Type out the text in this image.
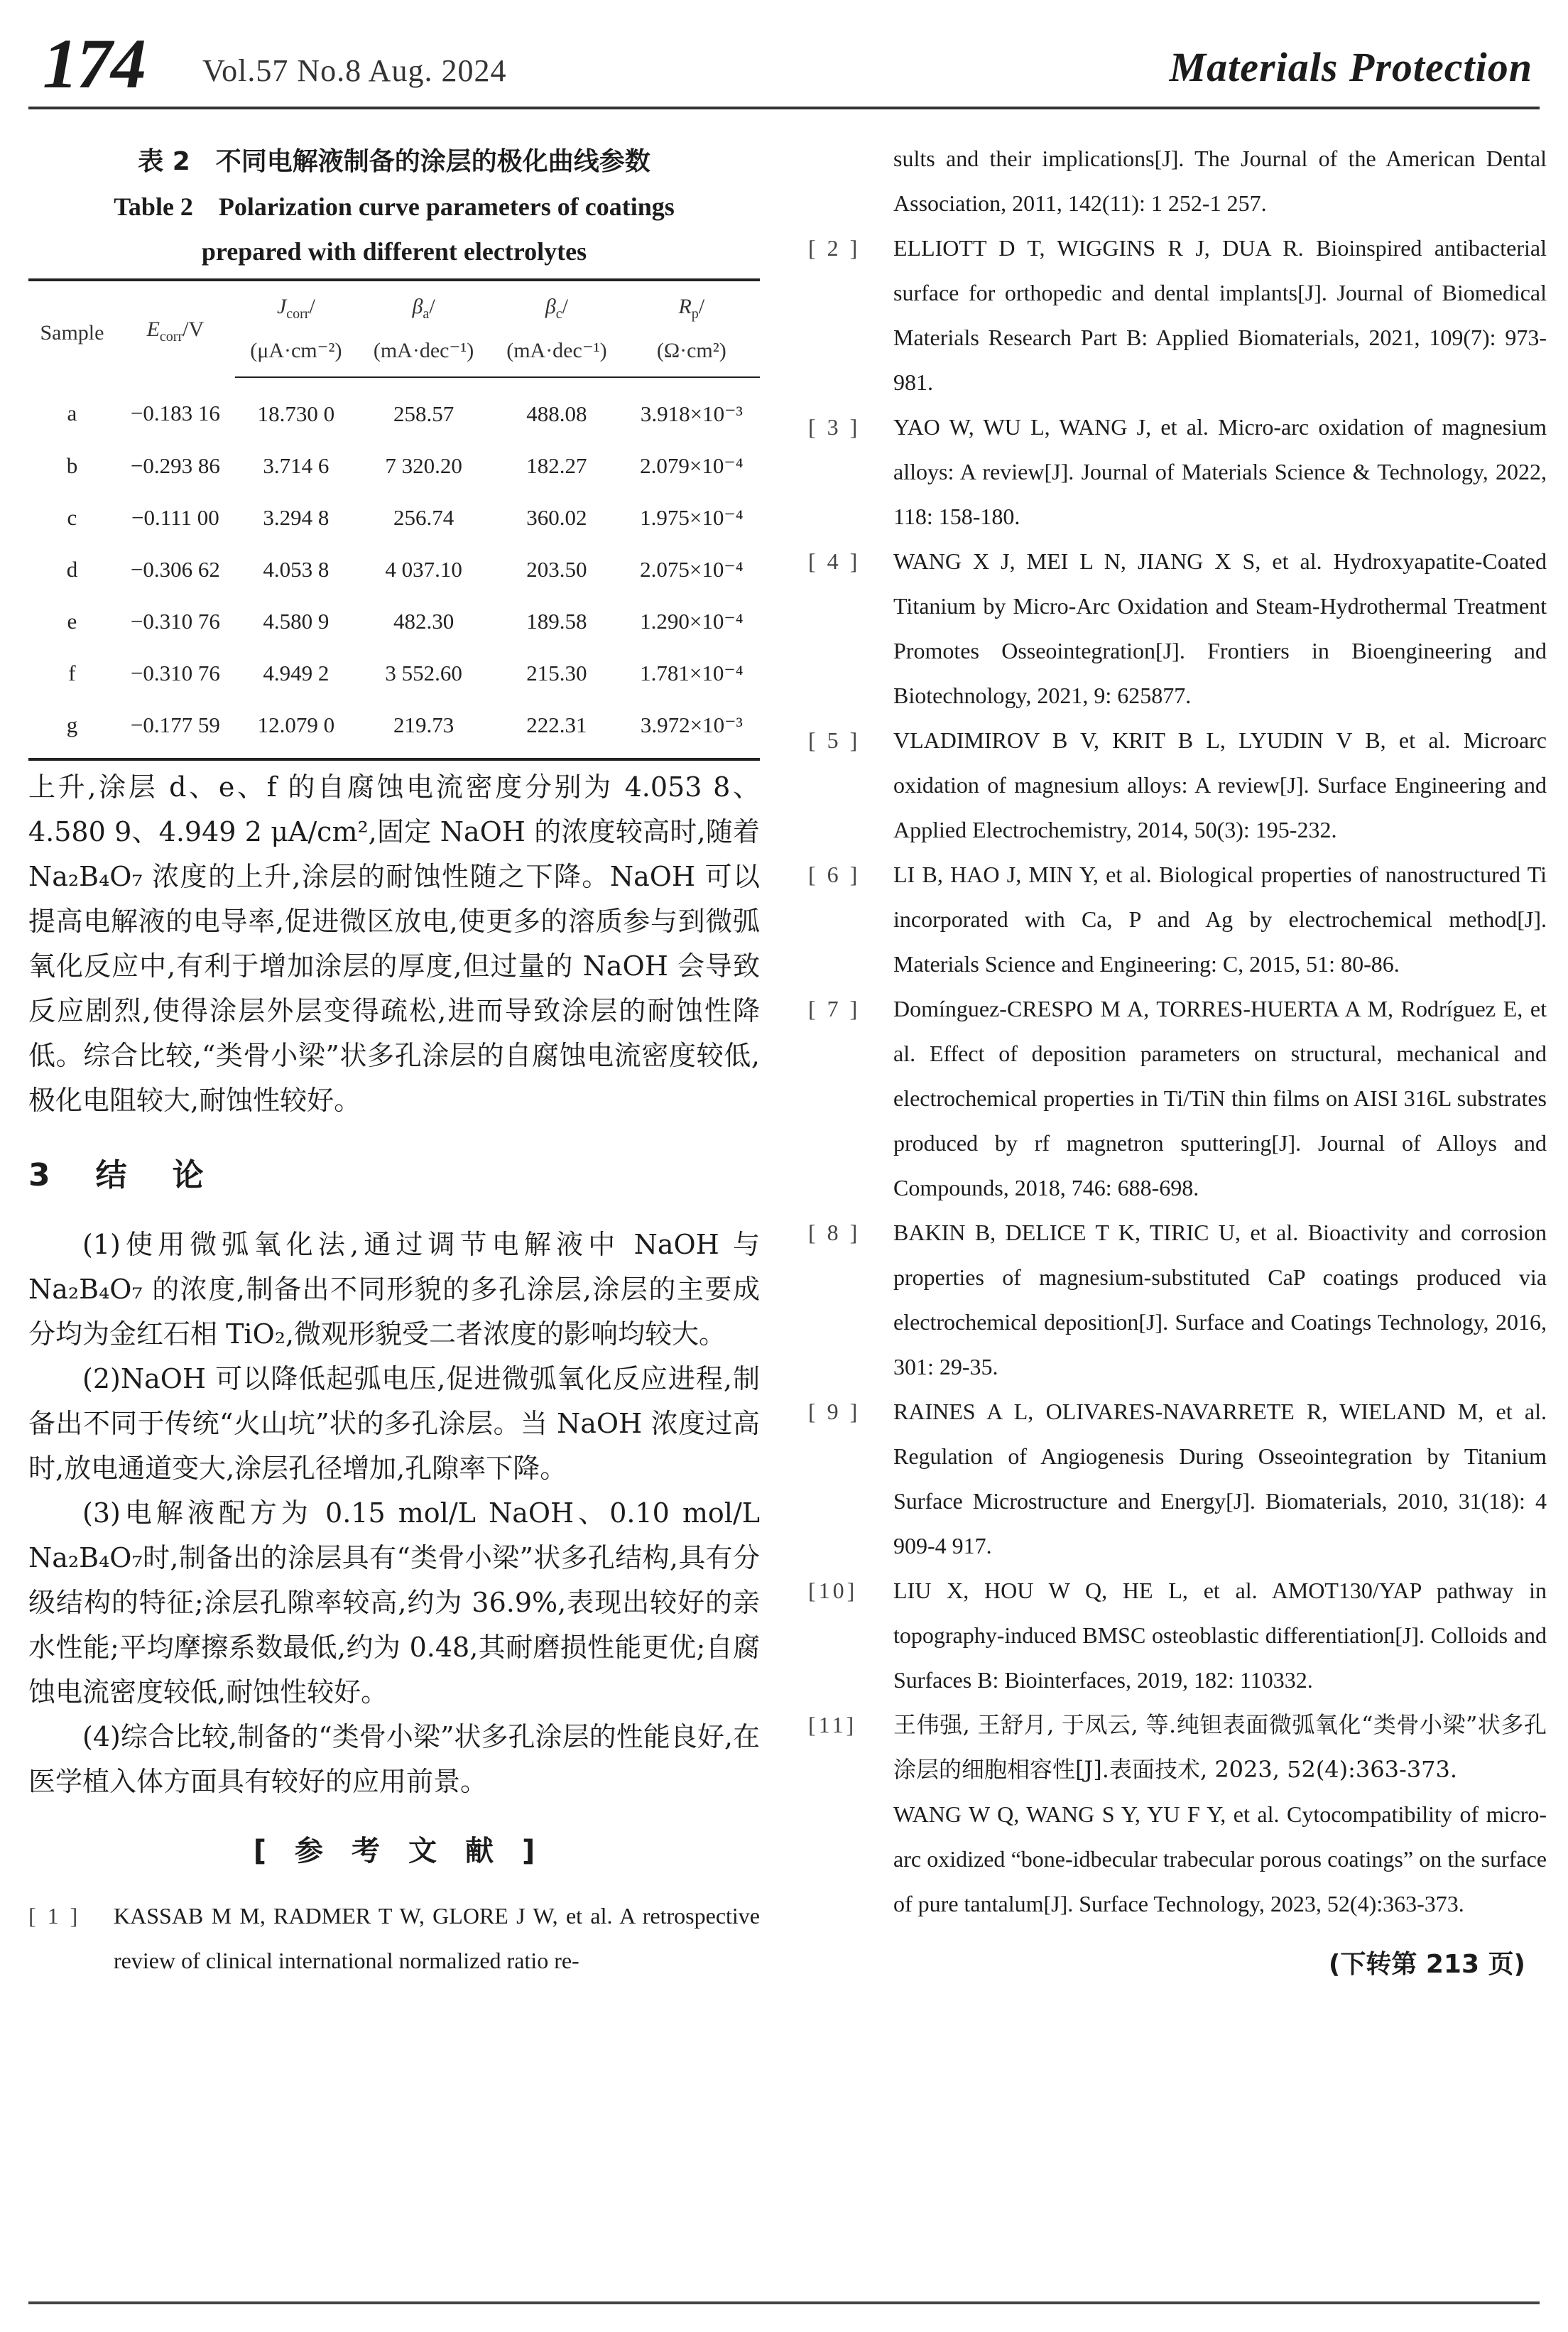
174 Vol.57 No.8 Aug. 2024	Materials Protection
表 2　不同电解液制备的涂层的极化曲线参数
Table 2　Polarization curve parameters of coatings
prepared with different electrolytes
Sample	$E_{corr}/V$	$J_{corr}/$	$\beta_a/$	$\beta_c/$	$R_p/$
		(μA·cm⁻²)	(mA·dec⁻¹)	(mA·dec⁻¹)	(Ω·cm²)
a	−0.183 16	18.730 0	258.57	488.08	3.918×10⁻³
b	−0.293 86	3.714 6	7 320.20	182.27	2.079×10⁻⁴
c	−0.111 00	3.294 8	256.74	360.02	1.975×10⁻⁴
d	−0.306 62	4.053 8	4 037.10	203.50	2.075×10⁻⁴
e	−0.310 76	4.580 9	482.30	189.58	1.290×10⁻⁴
f	−0.310 76	4.949 2	3 552.60	215.30	1.781×10⁻⁴
g	−0.177 59	12.079 0	219.73	222.31	3.972×10⁻³

上升,涂层 d、e、f 的自腐蚀电流密度分别为 4.053 8、4.580 9、4.949 2 μA/cm²,固定 NaOH 的浓度较高时,随着 Na₂B₄O₇ 浓度的上升,涂层的耐蚀性随之下降。NaOH 可以提高电解液的电导率,促进微区放电,使更多的溶质参与到微弧氧化反应中,有利于增加涂层的厚度,但过量的 NaOH 会导致反应剧烈,使得涂层外层变得疏松,进而导致涂层的耐蚀性降低。综合比较,“类骨小梁”状多孔涂层的自腐蚀电流密度较低,极化电阻较大,耐蚀性较好。

3　结　论

(1)使用微弧氧化法,通过调节电解液中 NaOH 与 Na₂B₄O₇ 的浓度,制备出不同形貌的多孔涂层,涂层的主要成分均为金红石相 TiO₂,微观形貌受二者浓度的影响均较大。

(2)NaOH 可以降低起弧电压,促进微弧氧化反应进程,制备出不同于传统“火山坑”状的多孔涂层。当 NaOH 浓度过高时,放电通道变大,涂层孔径增加,孔隙率下降。

(3)电解液配方为 0.15 mol/L NaOH、0.10 mol/L Na₂B₄O₇时,制备出的涂层具有“类骨小梁”状多孔结构,具有分级结构的特征;涂层孔隙率较高,约为 36.9%,表现出较好的亲水性能;平均摩擦系数最低,约为 0.48,其耐磨损性能更优;自腐蚀电流密度较低,耐蚀性较好。

(4)综合比较,制备的“类骨小梁”状多孔涂层的性能良好,在医学植入体方面具有较好的应用前景。

[　参　考　文　献　]

[ 1 ]	KASSAB M M, RADMER T W, GLORE J W, et al. A retrospective review of clinical international normalized ratio re-

sults and their implications[J]. The Journal of the American Dental Association, 2011, 142(11): 1 252-1 257.

[ 2 ]	ELLIOTT D T, WIGGINS R J, DUA R. Bioinspired antibacterial surface for orthopedic and dental implants[J]. Journal of Biomedical Materials Research Part B: Applied Biomaterials, 2021, 109(7): 973-981.

[ 3 ]	YAO W, WU L, WANG J, et al. Micro-arc oxidation of magnesium alloys: A review[J]. Journal of Materials Science & Technology, 2022, 118: 158-180.

[ 4 ]	WANG X J, MEI L N, JIANG X S, et al. Hydroxyapatite-Coated Titanium by Micro-Arc Oxidation and Steam-Hydrothermal Treatment Promotes Osseointegration[J]. Frontiers in Bioengineering and Biotechnology, 2021, 9: 625877.

[ 5 ]	VLADIMIROV B V, KRIT B L, LYUDIN V B, et al. Microarc oxidation of magnesium alloys: A review[J]. Surface Engineering and Applied Electrochemistry, 2014, 50(3): 195-232.

[ 6 ]	LI B, HAO J, MIN Y, et al. Biological properties of nanostructured Ti incorporated with Ca, P and Ag by electrochemical method[J]. Materials Science and Engineering: C, 2015, 51: 80-86.

[ 7 ]	Domínguez-CRESPO M A, TORRES-HUERTA A M, Rodríguez E, et al. Effect of deposition parameters on structural, mechanical and electrochemical properties in Ti/TiN thin films on AISI 316L substrates produced by rf magnetron sputtering[J]. Journal of Alloys and Compounds, 2018, 746: 688-698.

[ 8 ]	BAKIN B, DELICE T K, TIRIC U, et al. Bioactivity and corrosion properties of magnesium-substituted CaP coatings produced via electrochemical deposition[J]. Surface and Coatings Technology, 2016, 301: 29-35.

[ 9 ]	RAINES A L, OLIVARES-NAVARRETE R, WIELAND M, et al. Regulation of Angiogenesis During Osseointegration by Titanium Surface Microstructure and Energy[J]. Biomaterials, 2010, 31(18): 4 909-4 917.

[10]	LIU X, HOU W Q, HE L, et al. AMOT130/YAP pathway in topography-induced BMSC osteoblastic differentiation[J]. Colloids and Surfaces B: Biointerfaces, 2019, 182: 110332.

[11]	王伟强, 王舒月, 于凤云, 等.纯钽表面微弧氧化“类骨小梁”状多孔涂层的细胞相容性[J].表面技术, 2023, 52(4):363-373.

WANG W Q, WANG S Y, YU F Y, et al. Cytocompatibility of micro-arc oxidized “bone-idbecular trabecular porous coatings” on the surface of pure tantalum[J]. Surface Technology, 2023, 52(4):363-373.

(下转第 213 页)
